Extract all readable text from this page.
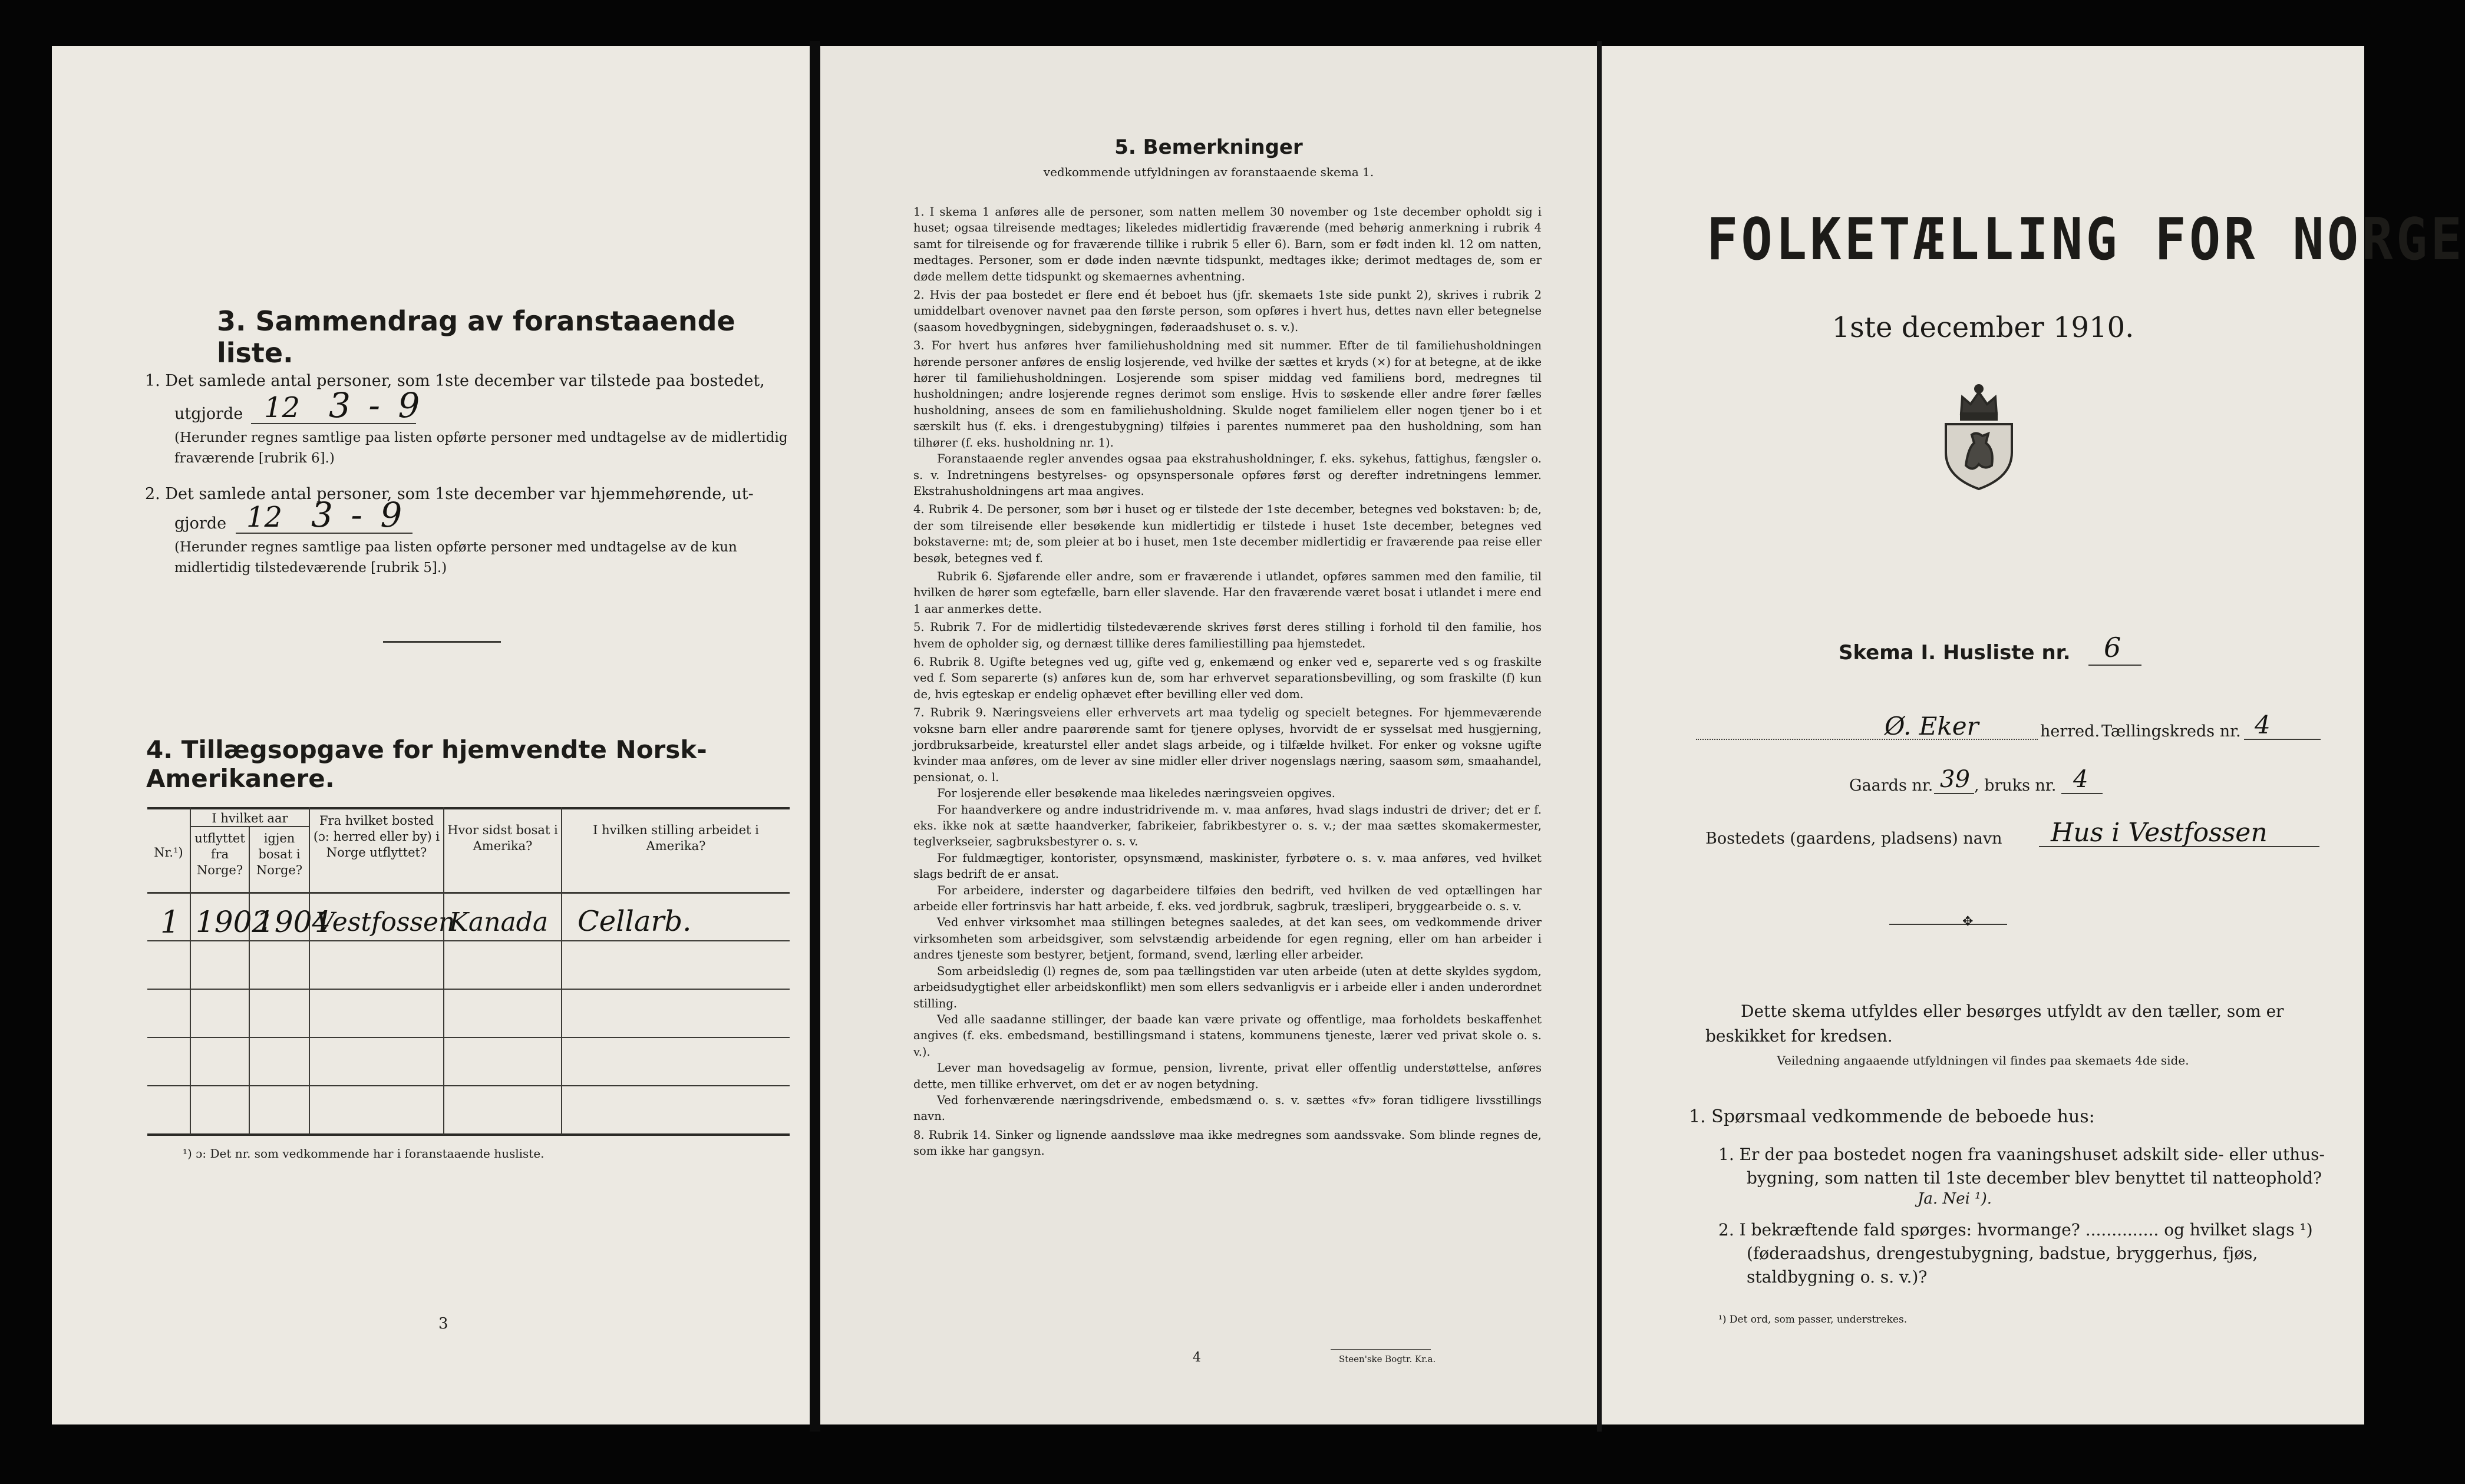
3. Sammendrag av foranstaaende liste.
1. Det samlede antal personer, som 1ste december var tilstede paa bostedet,
utgjorde 12 3 - 9
(Herunder regnes samtlige paa listen opførte personer med undtagelse av de midlertidig fraværende [rubrik 6].)
2. Det samlede antal personer, som 1ste december var hjemmehørende, ut-
gjorde 12 3 - 9
(Herunder regnes samtlige paa listen opførte personer med undtagelse av de kun midlertidig tilstedeværende [rubrik 5].)
4. Tillægsopgave for hjemvendte Norsk-Amerikanere.
Nr.¹)
I hvilket aar
utflyttet fra Norge?
igjen bosat i Norge?
Fra hvilket bosted (ɔ: herred eller by) i Norge utflyttet?
Hvor sidst bosat i Amerika?
I hvilken stilling arbeidet i Amerika?
1 1902
1904
Vestfossen
Kanada Cellarb.
¹) ɔ: Det nr. som vedkommende har i foranstaaende husliste.
3
5. Bemerkninger
vedkommende utfyldningen av foranstaaende skema 1.

1. I skema 1 anføres alle de personer, som natten mellem 30 november og 1ste december opholdt sig i huset; ogsaa tilreisende medtages; likeledes midlertidig fraværende (med behørig anmerkning i rubrik 4 samt for tilreisende og for fraværende tillike i rubrik 5 eller 6). Barn, som er født inden kl. 12 om natten, medtages. Personer, som er døde inden nævnte tidspunkt, medtages ikke; derimot medtages de, som er døde mellem dette tidspunkt og skemaernes avhentning.

2. Hvis der paa bostedet er flere end ét beboet hus (jfr. skemaets 1ste side punkt 2), skrives i rubrik 2 umiddelbart ovenover navnet paa den første person, som opføres i hvert hus, dettes navn eller betegnelse (saasom hovedbygningen, sidebygningen, føderaadshuset o. s. v.).

3. For hvert hus anføres hver familiehusholdning med sit nummer. Efter de til familiehusholdningen hørende personer anføres de enslig losjerende, ved hvilke der sættes et kryds (×) for at betegne, at de ikke hører til familiehusholdningen. Losjerende som spiser middag ved familiens bord, medregnes til husholdningen; andre losjerende regnes derimot som enslige. Hvis to søskende eller andre fører fælles husholdning, ansees de som en familiehusholdning. Skulde noget familielem eller nogen tjener bo i et særskilt hus (f. eks. i drengestubygning) tilføies i parentes nummeret paa den husholdning, som han tilhører (f. eks. husholdning nr. 1).

Foranstaaende regler anvendes ogsaa paa ekstrahusholdninger, f. eks. sykehus, fattighus, fængsler o. s. v. Indretningens bestyrelses- og opsynspersonale opføres først og derefter indretningens lemmer. Ekstrahusholdningens art maa angives.

4. Rubrik 4. De personer, som bør i huset og er tilstede der 1ste december, betegnes ved bokstaven: b; de, der som tilreisende eller besøkende kun midlertidig er tilstede i huset 1ste december, betegnes ved bokstaverne: mt; de, som pleier at bo i huset, men 1ste december midlertidig er fraværende paa reise eller besøk, betegnes ved f.

Rubrik 6. Sjøfarende eller andre, som er fraværende i utlandet, opføres sammen med den familie, til hvilken de hører som egtefælle, barn eller slavende. Har den fraværende været bosat i utlandet i mere end 1 aar anmerkes dette.

5. Rubrik 7. For de midlertidig tilstedeværende skrives først deres stilling i forhold til den familie, hos hvem de opholder sig, og dernæst tillike deres familiestilling paa hjemstedet.

6. Rubrik 8. Ugifte betegnes ved ug, gifte ved g, enkemænd og enker ved e, separerte ved s og fraskilte ved f. Som separerte (s) anføres kun de, som har erhvervet separationsbevilling, og som fraskilte (f) kun de, hvis egteskap er endelig ophævet efter bevilling eller ved dom.

7. Rubrik 9. Næringsveiens eller erhvervets art maa tydelig og specielt betegnes. For hjemmeværende voksne barn eller andre paarørende samt for tjenere oplyses, hvorvidt de er sysselsat med husgjerning, jordbruksarbeide, kreaturstel eller andet slags arbeide, og i tilfælde hvilket. For enker og voksne ugifte kvinder maa anføres, om de lever av sine midler eller driver nogenslags næring, saasom søm, smaahandel, pensionat, o. l.

For losjerende eller besøkende maa likeledes næringsveien opgives.

For haandverkere og andre industridrivende m. v. maa anføres, hvad slags industri de driver; det er f. eks. ikke nok at sætte haandverker, fabrikeier, fabrikbestyrer o. s. v.; der maa sættes skomakermester, teglverkseier, sagbruksbestyrer o. s. v.

For fuldmægtiger, kontorister, opsynsmænd, maskinister, fyrbøtere o. s. v. maa anføres, ved hvilket slags bedrift de er ansat.

For arbeidere, inderster og dagarbeidere tilføies den bedrift, ved hvilken de ved optællingen har arbeide eller fortrinsvis har hatt arbeide, f. eks. ved jordbruk, sagbruk, træsliperi, bryggearbeide o. s. v.

Ved enhver virksomhet maa stillingen betegnes saaledes, at det kan sees, om vedkommende driver virksomheten som arbeidsgiver, som selvstændig arbeidende for egen regning, eller om han arbeider i andres tjeneste som bestyrer, betjent, formand, svend, lærling eller arbeider.

Som arbeidsledig (l) regnes de, som paa tællingstiden var uten arbeide (uten at dette skyldes sygdom, arbeidsudygtighet eller arbeidskonflikt) men som ellers sedvanligvis er i arbeide eller i anden underordnet stilling.

Ved alle saadanne stillinger, der baade kan være private og offentlige, maa forholdets beskaffenhet angives (f. eks. embedsmand, bestillingsmand i statens, kommunens tjeneste, lærer ved privat skole o. s. v.).

Lever man hovedsagelig av formue, pension, livrente, privat eller offentlig understøttelse, anføres dette, men tillike erhvervet, om det er av nogen betydning.

Ved forhenværende næringsdrivende, embedsmænd o. s. v. sættes «fv» foran tidligere livsstillings navn.

8. Rubrik 14. Sinker og lignende aandssløve maa ikke medregnes som aandssvake. Som blinde regnes de, som ikke har gangsyn.

4	Steen'ske Bogtr. Kr.a.
FOLKETÆLLING FOR NORGE
1ste december 1910.
Skema I. Husliste nr. 6
Ø. Eker	herred. Tællingskreds nr. 4
Gaards nr. 39 , bruks nr. 4
Bostedets (gaardens, pladsens) navn Hus i Vestfossen
✥
Dette skema utfyldes eller besørges utfyldt av den tæller, som er beskikket for kredsen.
Veiledning angaaende utfyldningen vil findes paa skemaets 4de side.
1. Spørsmaal vedkommende de beboede hus:
1. Er der paa bostedet nogen fra vaaningshuset adskilt side- eller uthus-bygning, som natten til 1ste december blev benyttet til natteophold?
Ja. Nei ¹).
2. I bekræftende fald spørges: hvormange? .............. og hvilket slags ¹) (føderaadshus, drengestubygning, badstue, bryggerhus, fjøs, staldbygning o. s. v.)?
¹) Det ord, som passer, understrekes.
